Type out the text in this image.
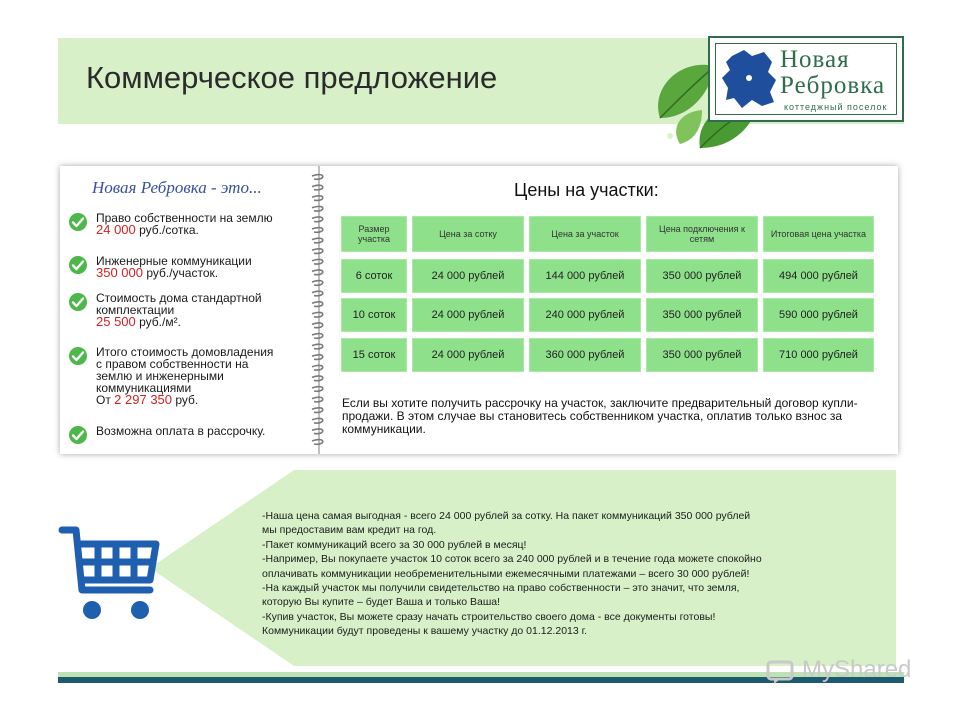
Коммерческое предложение
Новая
Ребровка
коттеджный поселок
Новая Ребровка - это...
Право собственности на землю
24 000 руб./сотка.
Инженерные коммуникации
350 000 руб./участок.
Стоимость дома стандартной
комплектации
25 500 руб./м².
Итого стоимость домовладения
с правом собственности на
землю и инженерными
коммуникациями
От 2 297 350 руб.
Возможна оплата в рассрочку.
Цены на участки:
Размер участка	Цена за сотку	Цена за участок	Цена подключения к сетям	Итоговая цена участка
6 соток	24 000 рублей	144 000 рублей	350 000 рублей	494 000 рублей
10 соток	24 000 рублей	240 000 рублей	350 000 рублей	590 000 рублей
15 соток	24 000 рублей	360 000 рублей	350 000 рублей	710 000 рублей
Если вы хотите получить рассрочку на участок, заключите предварительный договор купли-продажи. В этом случае вы становитесь собственником участка, оплатив только взнос за коммуникации.
-Наша цена самая выгодная - всего 24 000 рублей за сотку. На пакет коммуникаций 350 000 рублей
мы предоставим вам кредит на год.
-Пакет коммуникаций всего за 30 000 рублей в месяц!
-Например, Вы покупаете участок 10 соток всего за 240 000 рублей и в течение года можете спокойно
оплачивать коммуникации необременительными ежемесячными платежами – всего 30 000 рублей!
-На каждый участок мы получили свидетельство на право собственности – это значит, что земля,
которую Вы купите – будет Ваша и только Ваша!
-Купив участок, Вы можете сразу начать строительство своего дома - все документы готовы!
Коммуникации будут проведены к вашему участку до 01.12.2013 г.
MyShared
